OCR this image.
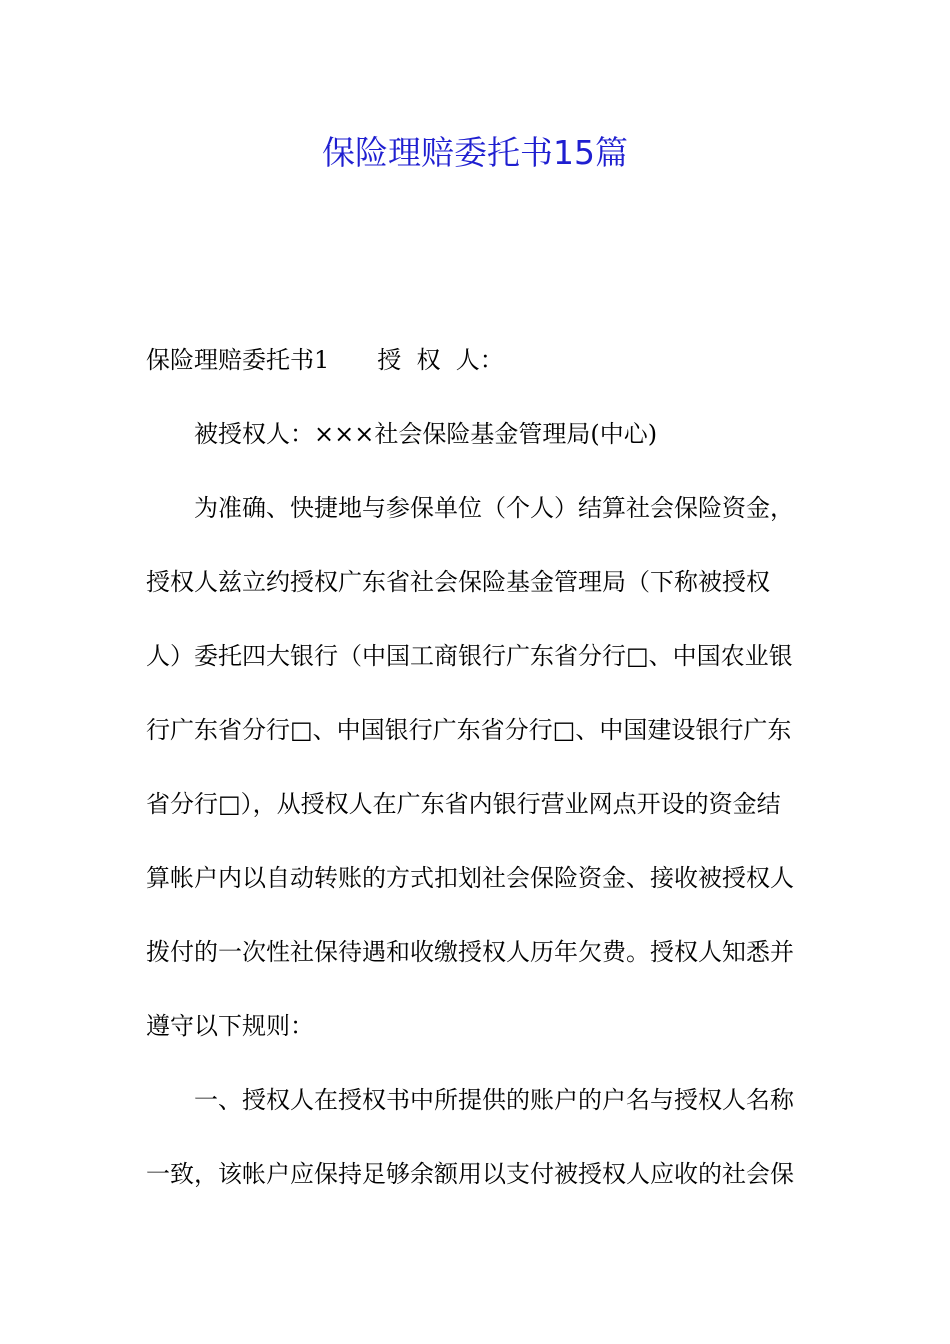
保险理赔委托书15篇

保险理赔委托书1 授  权  人：

被授权人：×××社会保险基金管理局(中心)

为准确、快捷地与参保单位（个人）结算社会保险资金，

授权人兹立约授权广东省社会保险基金管理局（下称被授权

人）委托四大银行（中国工商银行广东省分行□、中国农业银

行广东省分行□、中国银行广东省分行□、中国建设银行广东

省分行□），从授权人在广东省内银行营业网点开设的资金结

算帐户内以自动转账的方式扣划社会保险资金、接收被授权人

拨付的一次性社保待遇和收缴授权人历年欠费。授权人知悉并

遵守以下规则：

一、授权人在授权书中所提供的账户的户名与授权人名称

一致，该帐户应保持足够余额用以支付被授权人应收的社会保
